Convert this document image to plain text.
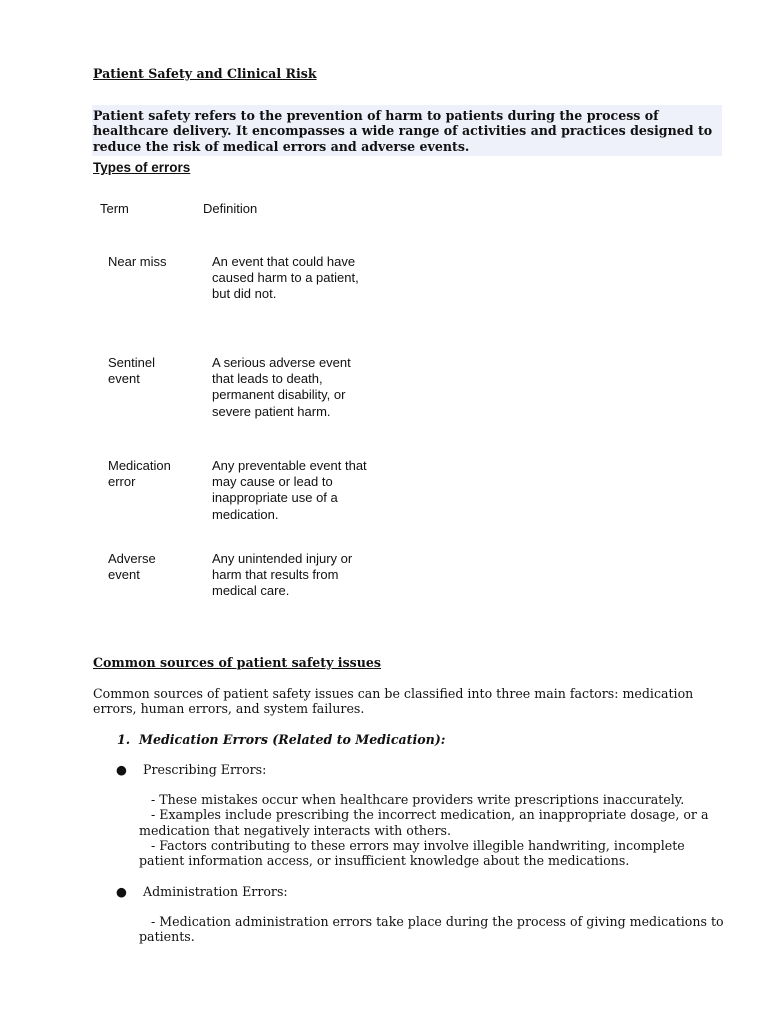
Patient Safety and Clinical Risk
Patient safety refers to the prevention of harm to patients during the process of healthcare delivery. It encompasses a wide range of activities and practices designed to reduce the risk of medical errors and adverse events.
Types of errors
Term	Definition
Near miss	An event that could have caused harm to a patient, but did not.
Sentinel event
A serious adverse event that leads to death, permanent disability, or severe patient harm.
Medication error
Any preventable event that may cause or lead to inappropriate use of a medication.
Adverse event
Any unintended injury or harm that results from medical care.
Common sources of patient safety issues
Common sources of patient safety issues can be classified into three main factors: medication errors, human errors, and system failures.
1. Medication Errors (Related to Medication):
● Prescribing Errors:

- These mistakes occur when healthcare providers write prescriptions inaccurately.

- Examples include prescribing the incorrect medication, an inappropriate dosage, or a medication that negatively interacts with others.

- Factors contributing to these errors may involve illegible handwriting, incomplete patient information access, or insufficient knowledge about the medications.

● Administration Errors:

- Medication administration errors take place during the process of giving medications to patients.
